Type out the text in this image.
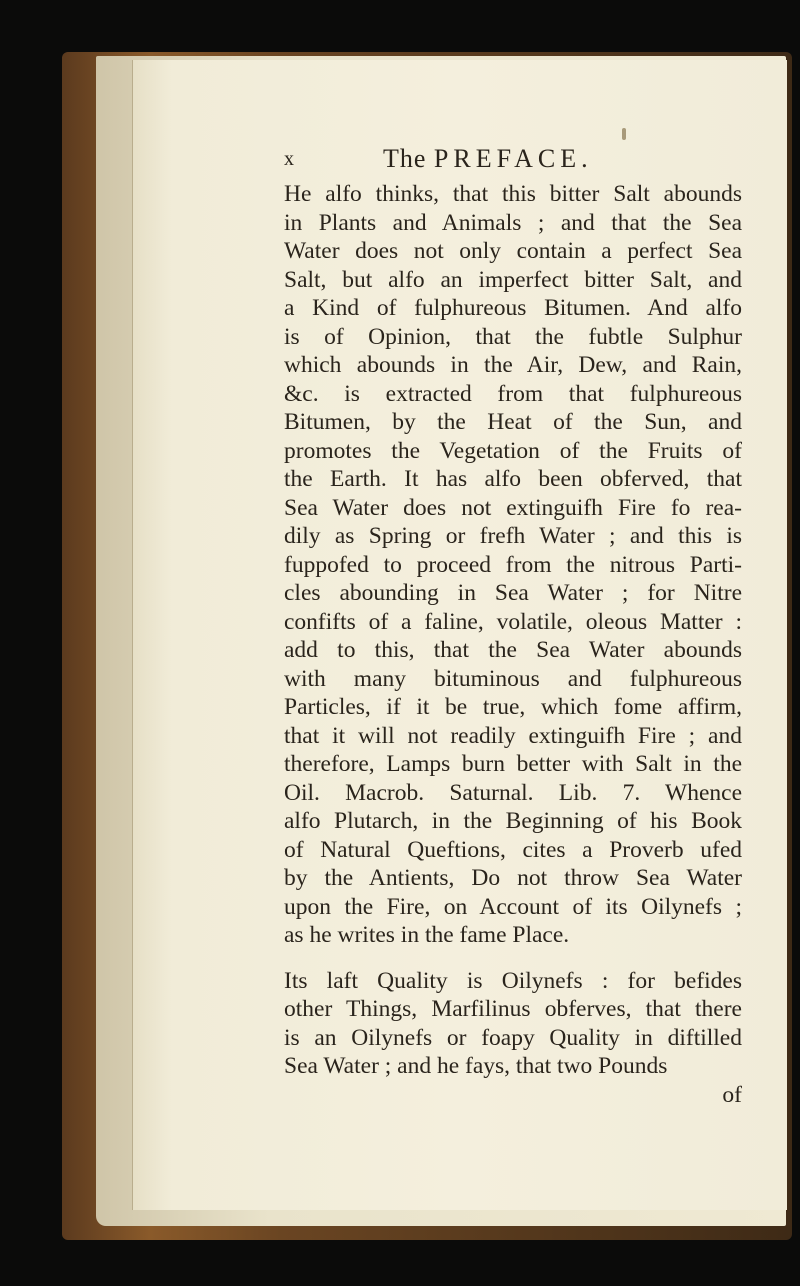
x	The PREFACE.
He alfo thinks, that this bitter Salt abounds
in Plants and Animals ; and that the Sea
Water does not only contain a perfect Sea
Salt, but alfo an imperfect bitter Salt, and
a Kind of fulphureous Bitumen. And alfo
is of Opinion, that the fubtle Sulphur
which abounds in the Air, Dew, and Rain,
&c. is extracted from that fulphureous
Bitumen, by the Heat of the Sun, and
promotes the Vegetation of the Fruits of
the Earth. It has alfo been obferved, that
Sea Water does not extinguifh Fire fo rea-
dily as Spring or frefh Water ; and this is
fuppofed to proceed from the nitrous Parti-
cles abounding in Sea Water ; for Nitre
confifts of a faline, volatile, oleous Matter :
add to this, that the Sea Water abounds
with many bituminous and fulphureous
Particles, if it be true, which fome affirm,
that it will not readily extinguifh Fire ; and
therefore, Lamps burn better with Salt in the
Oil. Macrob. Saturnal. Lib. 7. Whence
alfo Plutarch, in the Beginning of his Book
of Natural Queftions, cites a Proverb ufed
by the Antients, Do not throw Sea Water
upon the Fire, on Account of its Oilynefs ;
as he writes in the fame Place.
Its laft Quality is Oilynefs : for befides
other Things, Marfilinus obferves, that there
is an Oilynefs or foapy Quality in diftilled
Sea Water ; and he fays, that two Pounds
of
